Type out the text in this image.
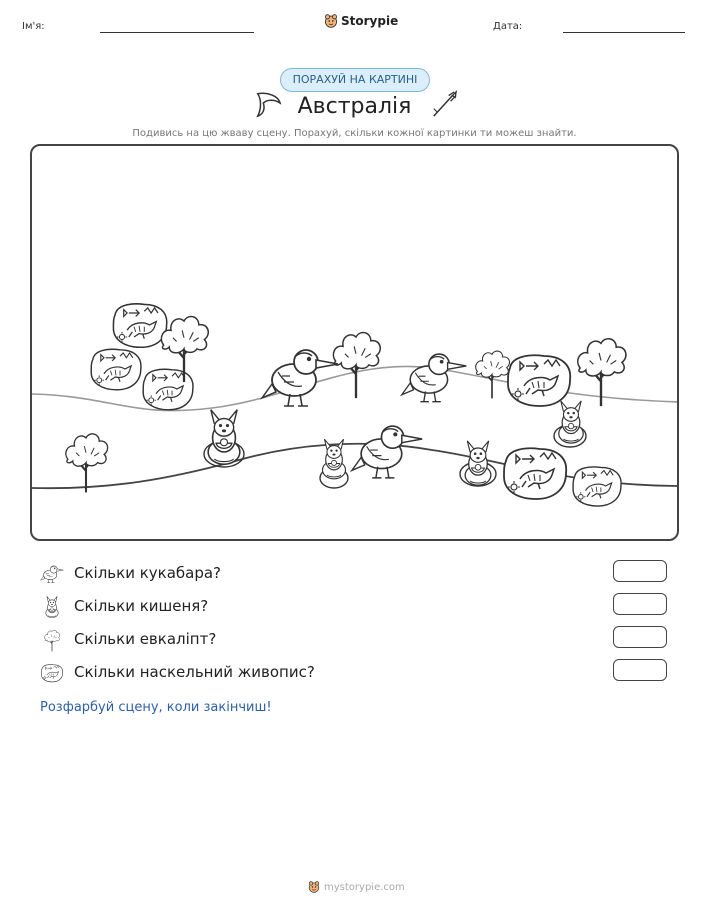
Ім'я:	Storypie	Дата:
ПОРАХУЙ НА КАРТИНІ
Австралія
Подивись на цю жваву сцену. Порахуй, скільки кожної картинки ти можеш знайти.
Скільки кукабара?
Скільки кишеня?
Скільки евкаліпт?
Скільки наскельний живопис?
Розфарбуй сцену, коли закінчиш!
mystorypie.com
